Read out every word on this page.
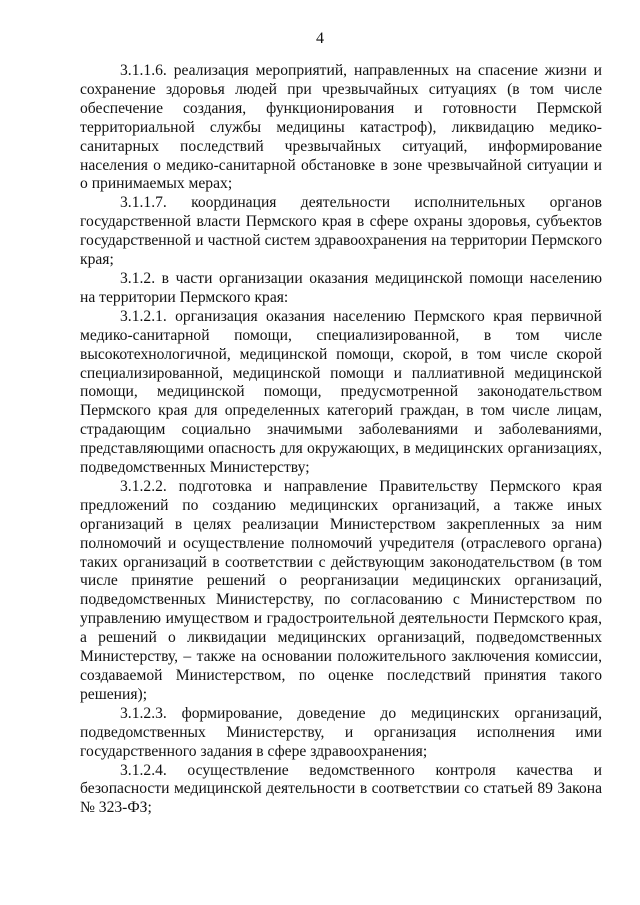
4

3.1.1.6. реализация мероприятий, направленных на спасение жизни и сохранение здоровья людей при чрезвычайных ситуациях (в том числе обеспечение создания, функционирования и готовности Пермской территориальной службы медицины катастроф), ликвидацию медико-санитарных последствий чрезвычайных ситуаций, информирование населения о медико-санитарной обстановке в зоне чрезвычайной ситуации и о принимаемых мерах;

3.1.1.7. координация деятельности исполнительных органов государственной власти Пермского края в сфере охраны здоровья, субъектов государственной и частной систем здравоохранения на территории Пермского края;

3.1.2. в части организации оказания медицинской помощи населению на территории Пермского края:

3.1.2.1. организация оказания населению Пермского края первичной медико-санитарной помощи, специализированной, в том числе высокотехнологичной, медицинской помощи, скорой, в том числе скорой специализированной, медицинской помощи и паллиативной медицинской помощи, медицинской помощи, предусмотренной законодательством Пермского края для определенных категорий граждан, в том числе лицам, страдающим социально значимыми заболеваниями и заболеваниями, представляющими опасность для окружающих, в медицинских организациях, подведомственных Министерству;

3.1.2.2. подготовка и направление Правительству Пермского края предложений по созданию медицинских организаций, а также иных организаций в целях реализации Министерством закрепленных за ним полномочий и осуществление полномочий учредителя (отраслевого органа) таких организаций в соответствии с действующим законодательством (в том числе принятие решений о реорганизации медицинских организаций, подведомственных Министерству, по согласованию с Министерством по управлению имуществом и градостроительной деятельности Пермского края, а решений о ликвидации медицинских организаций, подведомственных Министерству, – также на основании положительного заключения комиссии, создаваемой Министерством, по оценке последствий принятия такого решения);

3.1.2.3. формирование, доведение до медицинских организаций, подведомственных Министерству, и организация исполнения ими государственного задания в сфере здравоохранения;

3.1.2.4. осуществление ведомственного контроля качества и безопасности медицинской деятельности в соответствии со статьей 89 Закона № 323-ФЗ;
